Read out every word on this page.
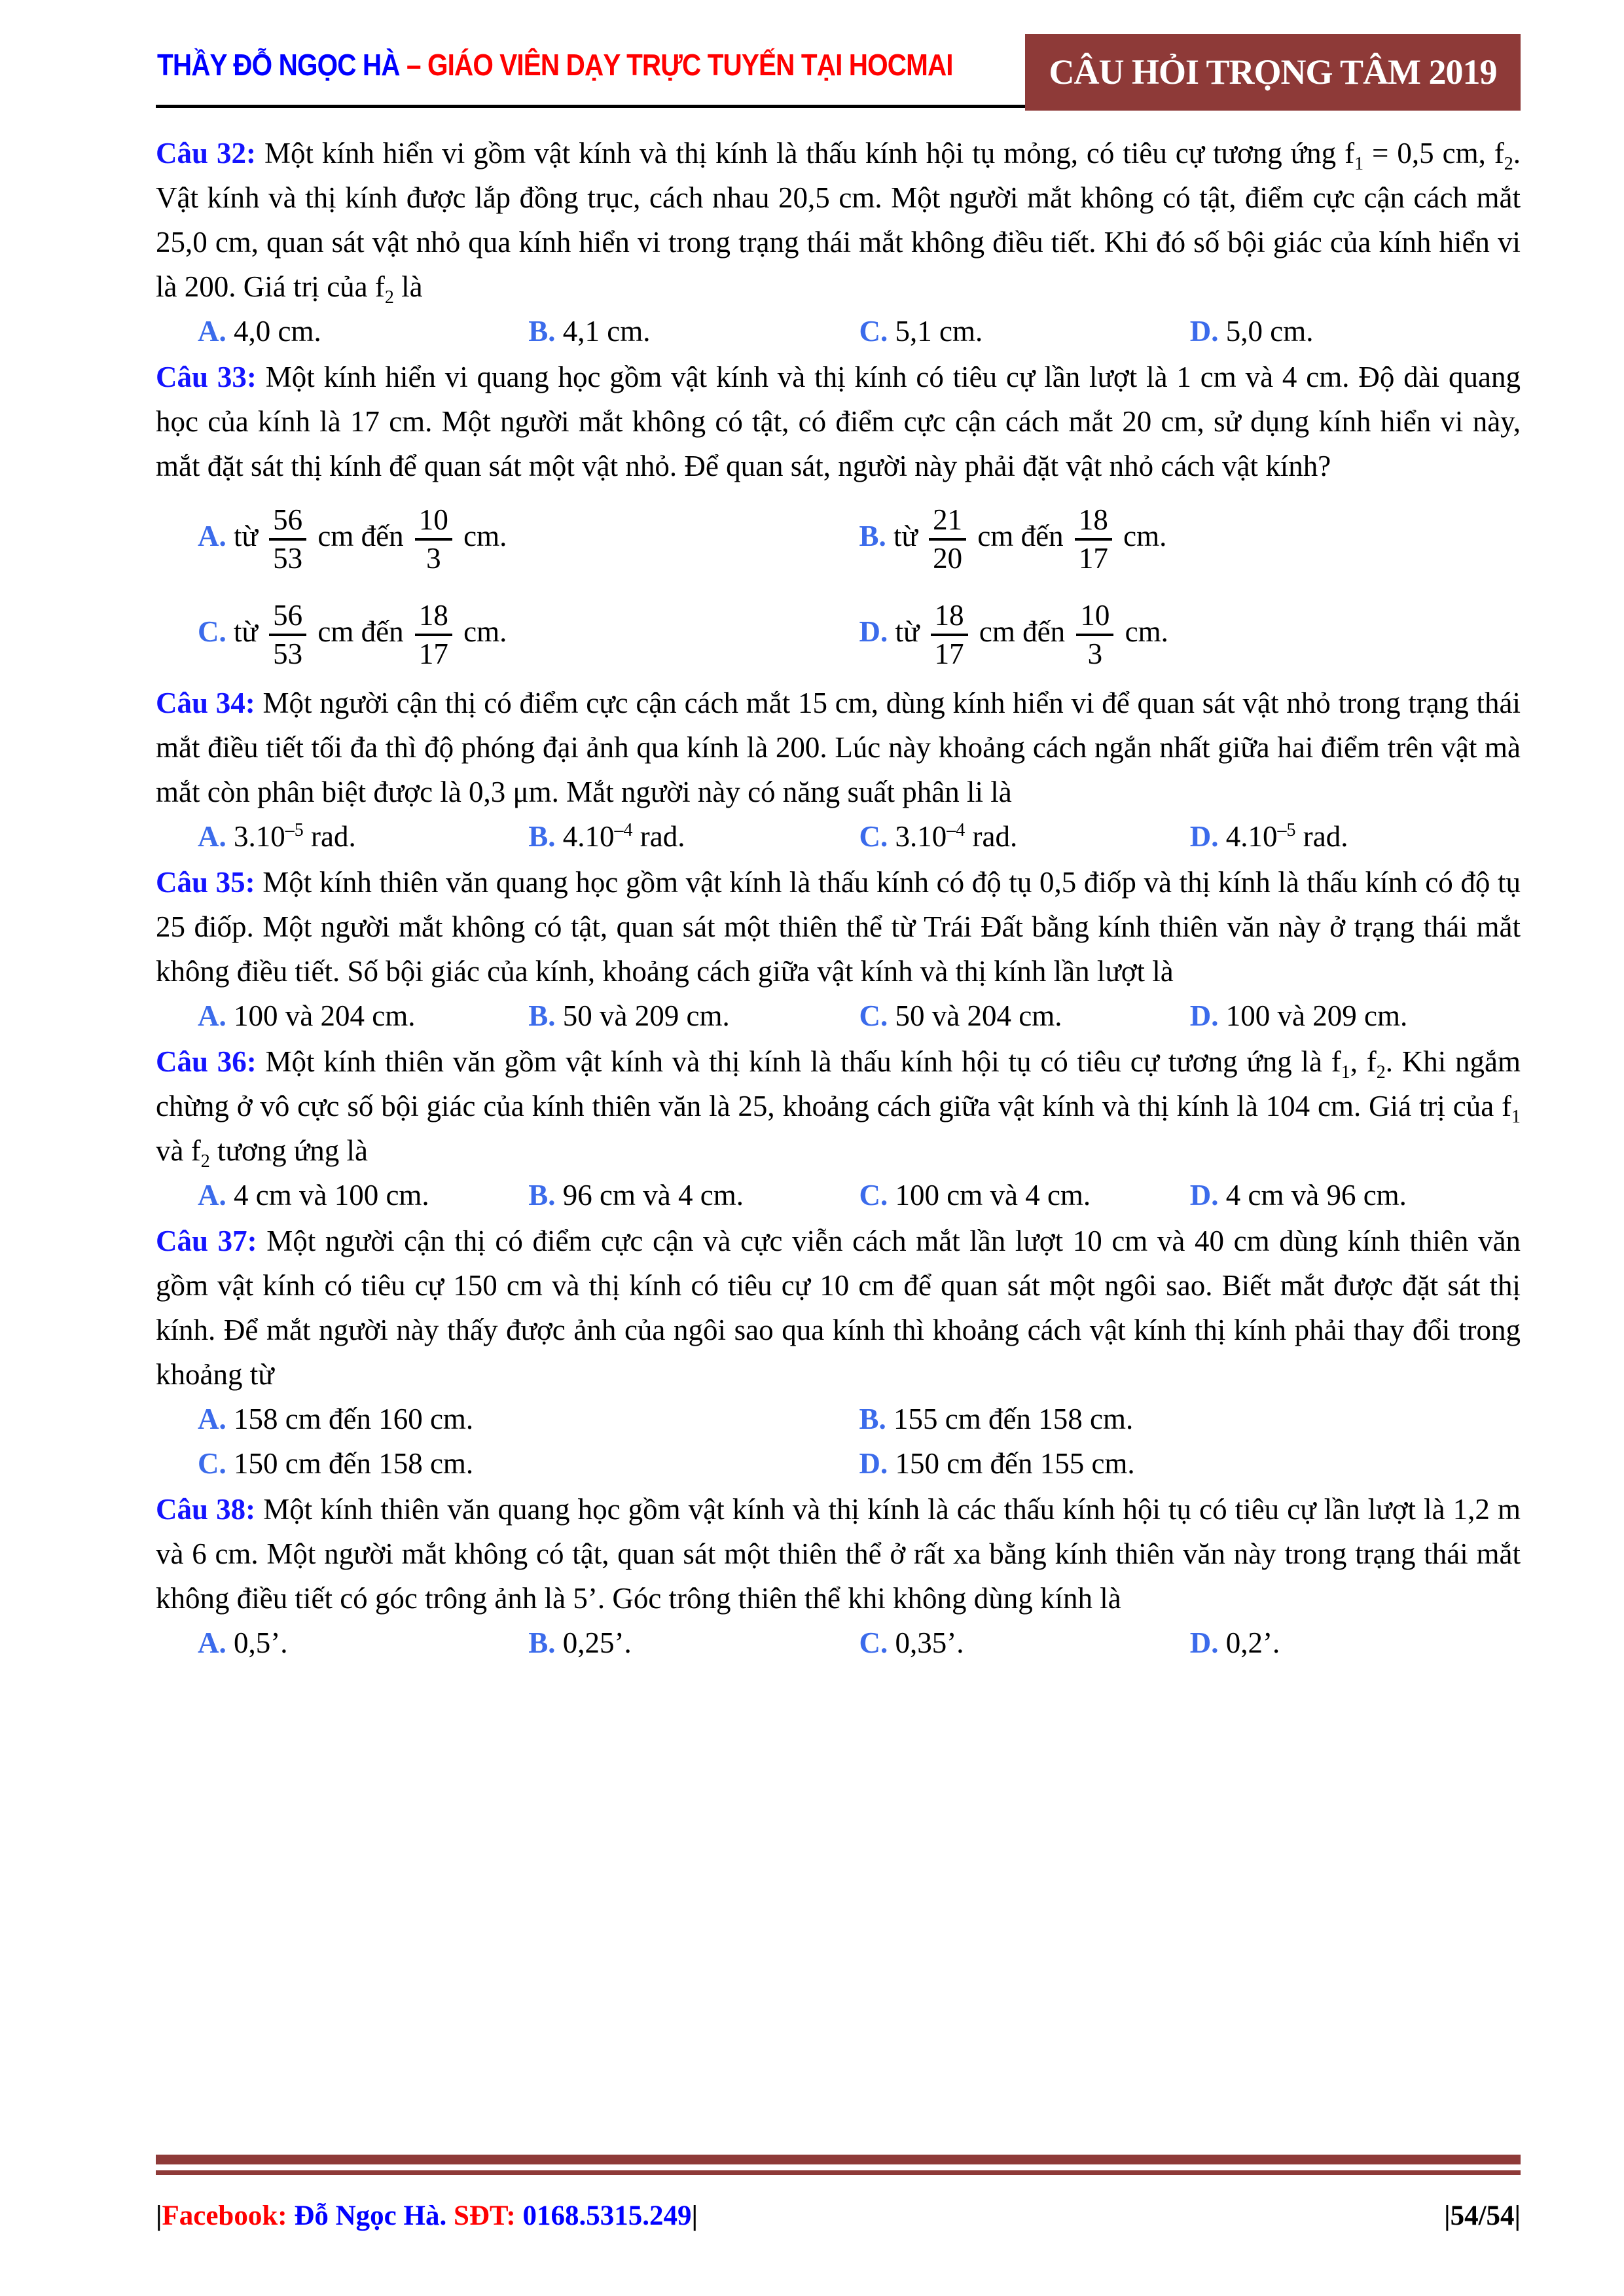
THẦY ĐỖ NGỌC HÀ – GIÁO VIÊN DẠY TRỰC TUYẾN TẠI HOCMAI	CÂU HỎI TRỌNG TÂM 2019

Câu 32: Một kính hiển vi gồm vật kính và thị kính là thấu kính hội tụ mỏng, có tiêu cự tương ứng $f_1 = 0,5$ cm, $f_2$. Vật kính và thị kính được lắp đồng trục, cách nhau 20,5 cm. Một người mắt không có tật, điểm cực cận cách mắt 25,0 cm, quan sát vật nhỏ qua kính hiển vi trong trạng thái mắt không điều tiết. Khi đó số bội giác của kính hiển vi là 200. Giá trị của $f_2$ là

A. 4,0 cm.	B. 4,1 cm.	C. 5,1 cm.	D. 5,0 cm.

Câu 33: Một kính hiển vi quang học gồm vật kính và thị kính có tiêu cự lần lượt là 1 cm và 4 cm. Độ dài quang học của kính là 17 cm. Một người mắt không có tật, có điểm cực cận cách mắt 20 cm, sử dụng kính hiển vi này, mắt đặt sát thị kính để quan sát một vật nhỏ. Để quan sát, người này phải đặt vật nhỏ cách vật kính?

A. từ $\frac{56}{53}$ cm đến $\frac{10}{3}$ cm.	B. từ $\frac{21}{20}$ cm đến $\frac{18}{17}$ cm.
C. từ $\frac{56}{53}$ cm đến $\frac{18}{17}$ cm.	D. từ $\frac{18}{17}$ cm đến $\frac{10}{3}$ cm.

Câu 34: Một người cận thị có điểm cực cận cách mắt 15 cm, dùng kính hiển vi để quan sát vật nhỏ trong trạng thái mắt điều tiết tối đa thì độ phóng đại ảnh qua kính là 200. Lúc này khoảng cách ngắn nhất giữa hai điểm trên vật mà mắt còn phân biệt được là 0,3 μm. Mắt người này có năng suất phân li là

A. $3.10^{-5}$ rad.	B. $4.10^{-4}$ rad.	C. $3.10^{-4}$ rad.	D. $4.10^{-5}$ rad.

Câu 35: Một kính thiên văn quang học gồm vật kính là thấu kính có độ tụ 0,5 điốp và thị kính là thấu kính có độ tụ 25 điốp. Một người mắt không có tật, quan sát một thiên thể từ Trái Đất bằng kính thiên văn này ở trạng thái mắt không điều tiết. Số bội giác của kính, khoảng cách giữa vật kính và thị kính lần lượt là

A. 100 và 204 cm.	B. 50 và 209 cm.	C. 50 và 204 cm.	D. 100 và 209 cm.

Câu 36: Một kính thiên văn gồm vật kính và thị kính là thấu kính hội tụ có tiêu cự tương ứng là $f_1$, $f_2$. Khi ngắm chừng ở vô cực số bội giác của kính thiên văn là 25, khoảng cách giữa vật kính và thị kính là 104 cm. Giá trị của $f_1$ và $f_2$ tương ứng là

A. 4 cm và 100 cm.	B. 96 cm và 4 cm.	C. 100 cm và 4 cm.	D. 4 cm và 96 cm.

Câu 37: Một người cận thị có điểm cực cận và cực viễn cách mắt lần lượt 10 cm và 40 cm dùng kính thiên văn gồm vật kính có tiêu cự 150 cm và thị kính có tiêu cự 10 cm để quan sát một ngôi sao. Biết mắt được đặt sát thị kính. Để mắt người này thấy được ảnh của ngôi sao qua kính thì khoảng cách vật kính thị kính phải thay đổi trong khoảng từ

A. 158 cm đến 160 cm.	B. 155 cm đến 158 cm.
C. 150 cm đến 158 cm.	D. 150 cm đến 155 cm.

Câu 38: Một kính thiên văn quang học gồm vật kính và thị kính là các thấu kính hội tụ có tiêu cự lần lượt là 1,2 m và 6 cm. Một người mắt không có tật, quan sát một thiên thể ở rất xa bằng kính thiên văn này trong trạng thái mắt không điều tiết có góc trông ảnh là 5’. Góc trông thiên thể khi không dùng kính là

A. 0,5’.	B. 0,25’.	C. 0,35’.	D. 0,2’.
|Facebook: Đỗ Ngọc Hà. SĐT: 0168.5315.249|	|54/54|
